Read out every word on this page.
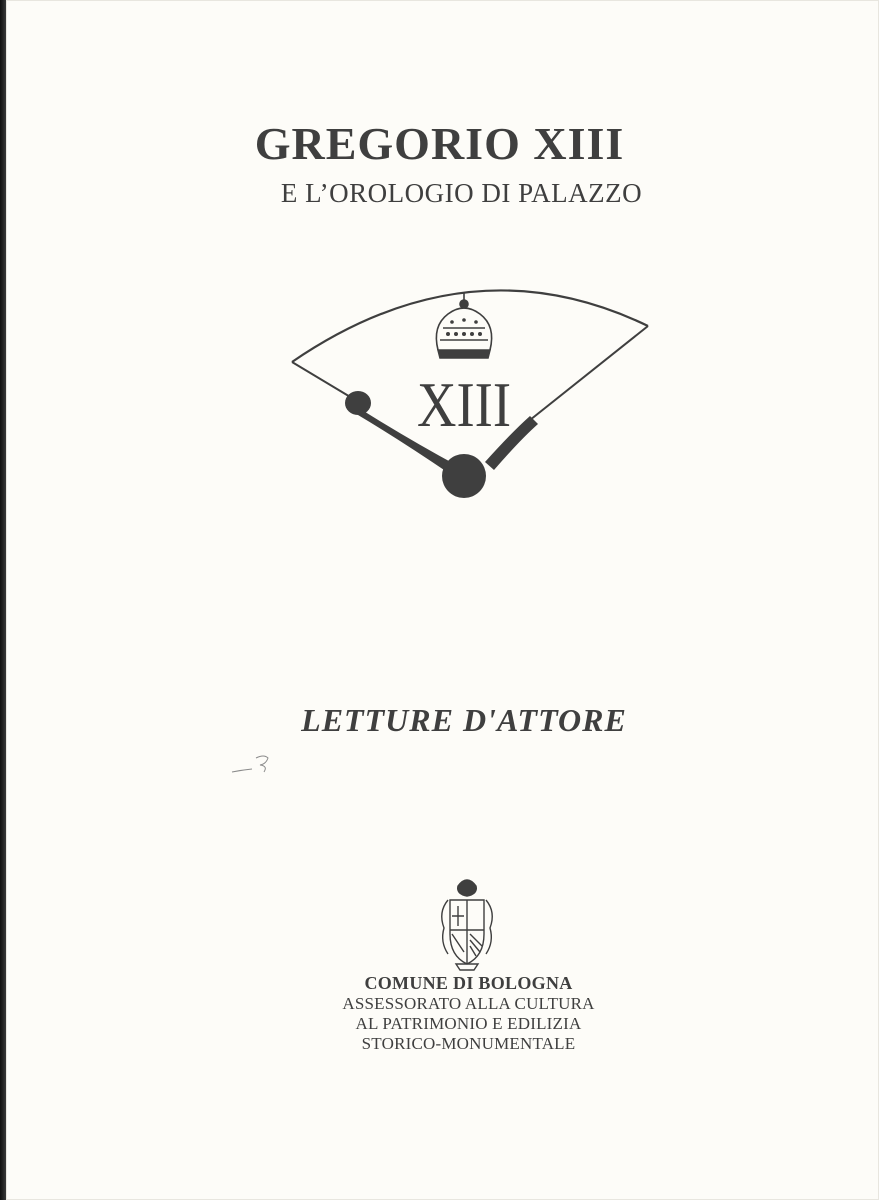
GREGORIO XIII
E L’OROLOGIO DI PALAZZO
XIII
LETTURE D'ATTORE
COMUNE DI BOLOGNA
ASSESSORATO ALLA CULTURA
AL PATRIMONIO E EDILIZIA
STORICO-MONUMENTALE
